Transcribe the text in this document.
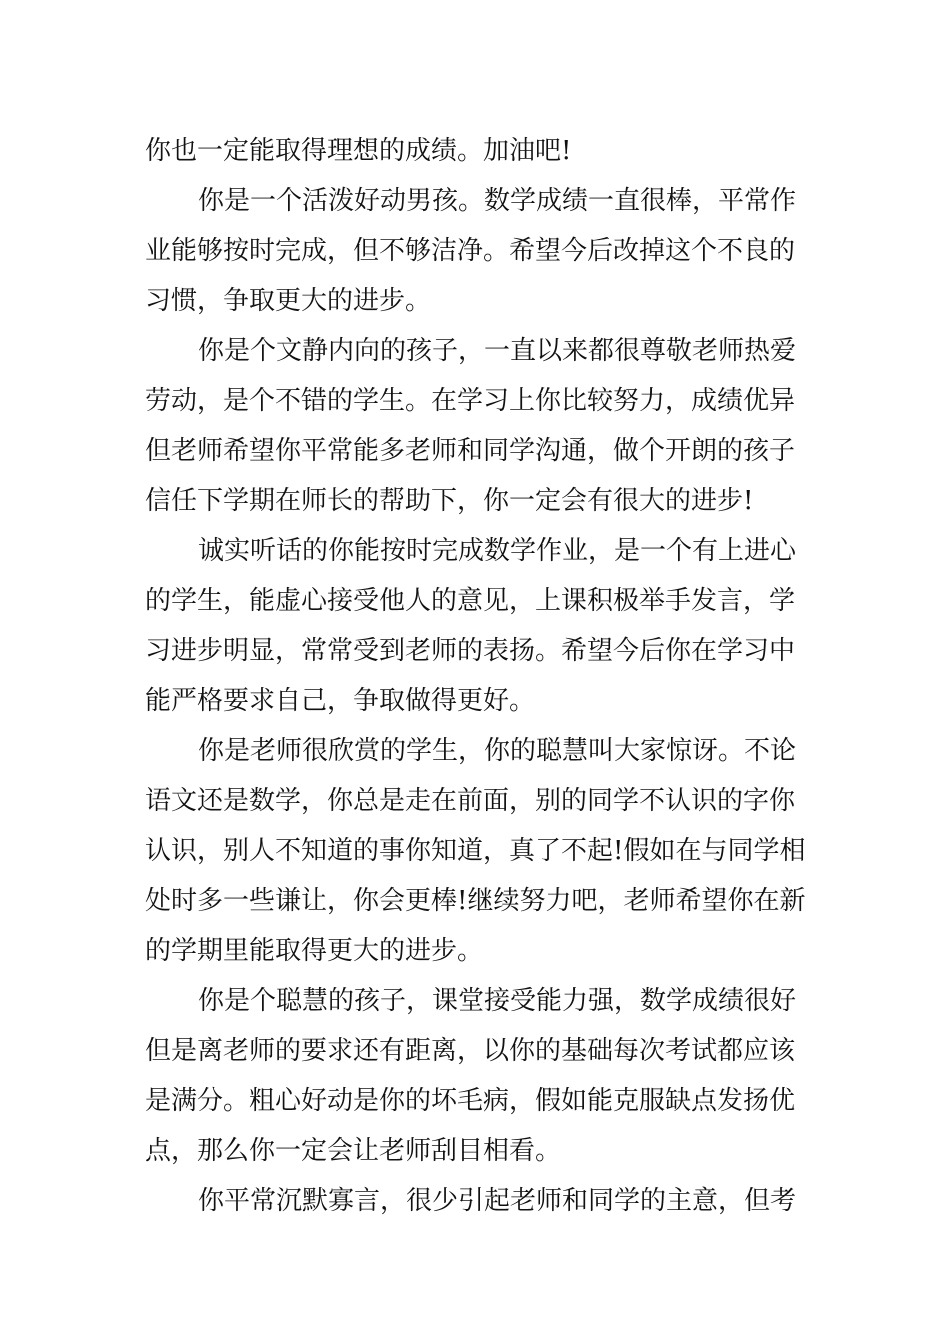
你也一定能取得理想的成绩。加油吧!
你是一个活泼好动男孩。数学成绩一直很棒，平常作
业能够按时完成，但不够洁净。希望今后改掉这个不良的
习惯，争取更大的进步。
你是个文静内向的孩子，一直以来都很尊敬老师热爱
劳动，是个不错的学生。在学习上你比较努力，成绩优异
但老师希望你平常能多老师和同学沟通，做个开朗的孩子
信任下学期在师长的帮助下，你一定会有很大的进步!
诚实听话的你能按时完成数学作业，是一个有上进心
的学生，能虚心接受他人的意见，上课积极举手发言，学
习进步明显，常常受到老师的表扬。希望今后你在学习中
能严格要求自己，争取做得更好。
你是老师很欣赏的学生，你的聪慧叫大家惊讶。不论
语文还是数学，你总是走在前面，别的同学不认识的字你
认识，别人不知道的事你知道，真了不起!假如在与同学相
处时多一些谦让，你会更棒!继续努力吧，老师希望你在新
的学期里能取得更大的进步。
你是个聪慧的孩子，课堂接受能力强，数学成绩很好
但是离老师的要求还有距离，以你的基础每次考试都应该
是满分。粗心好动是你的坏毛病，假如能克服缺点发扬优
点，那么你一定会让老师刮目相看。
你平常沉默寡言，很少引起老师和同学的主意，但考
